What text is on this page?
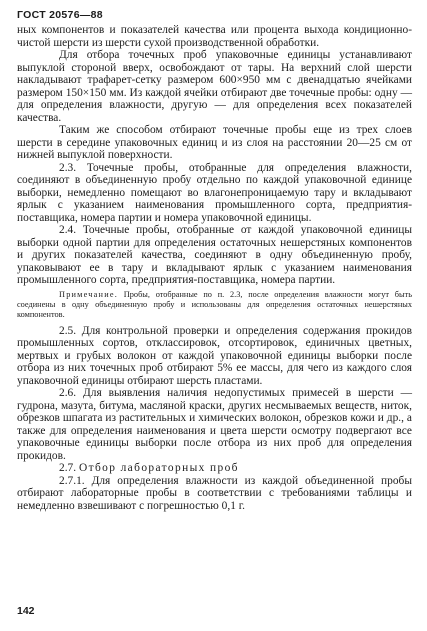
ГОСТ 20576—88

ных компонентов и показателей качества или процента выхода кондиционно-чистой шерсти из шерсти сухой производственной обработки.

Для отбора точечных проб упаковочные единицы устанавливают выпуклой стороной вверх, освобождают от тары. На верхний слой шерсти накладывают трафарет-сетку размером 600×950 мм с двенадцатью ячейками размером 150×150 мм. Из каждой ячейки отбирают две точечные пробы: одну — для определения влажности, другую — для определения всех показателей качества.

Таким же способом отбирают точечные пробы еще из трех слоев шерсти в середине упаковочных единиц и из слоя на расстоянии 20—25 см от нижней выпуклой поверхности.

2.3. Точечные пробы, отобранные для определения влажности, соединяют в объединенную пробу отдельно по каждой упаковочной единице выборки, немедленно помещают во влагонепроницаемую тару и вкладывают ярлык с указанием наименования промышленного сорта, предприятия-поставщика, номера партии и номера упаковочной единицы.

2.4. Точечные пробы, отобранные от каждой упаковочной единицы выборки одной партии для определения остаточных нешерстяных компонентов и других показателей качества, соединяют в одну объединенную пробу, упаковывают ее в тару и вкладывают ярлык с указанием наименования промышленного сорта, предприятия-поставщика, номера партии.

Примечание. Пробы, отобранные по п. 2.3, после определения влажности могут быть соединены в одну объединенную пробу и использованы для определения остаточных нешерстяных компонентов.

2.5. Для контрольной проверки и определения содержания прокидов промышленных сортов, отклассировок, отсортировок, единичных цветных, мертвых и грубых волокон от каждой упаковочной единицы выборки после отбора из них точечных проб отбирают 5% ее массы, для чего из каждого слоя упаковочной единицы отбирают шерсть пластами.

2.6. Для выявления наличия недопустимых примесей в шерсти — гудрона, мазута, битума, масляной краски, других несмываемых веществ, ниток, обрезков шпагата из растительных и химических волокон, обрезков кожи и др., а также для определения наименования и цвета шерсти осмотру подвергают все упаковочные единицы выборки после отбора из них проб для определения прокидов.

2.7. Отбор лабораторных проб

2.7.1. Для определения влажности из каждой объединенной пробы отбирают лабораторные пробы в соответствии с требованиями таблицы и немедленно взвешивают с погрешностью 0,1 г.

142
